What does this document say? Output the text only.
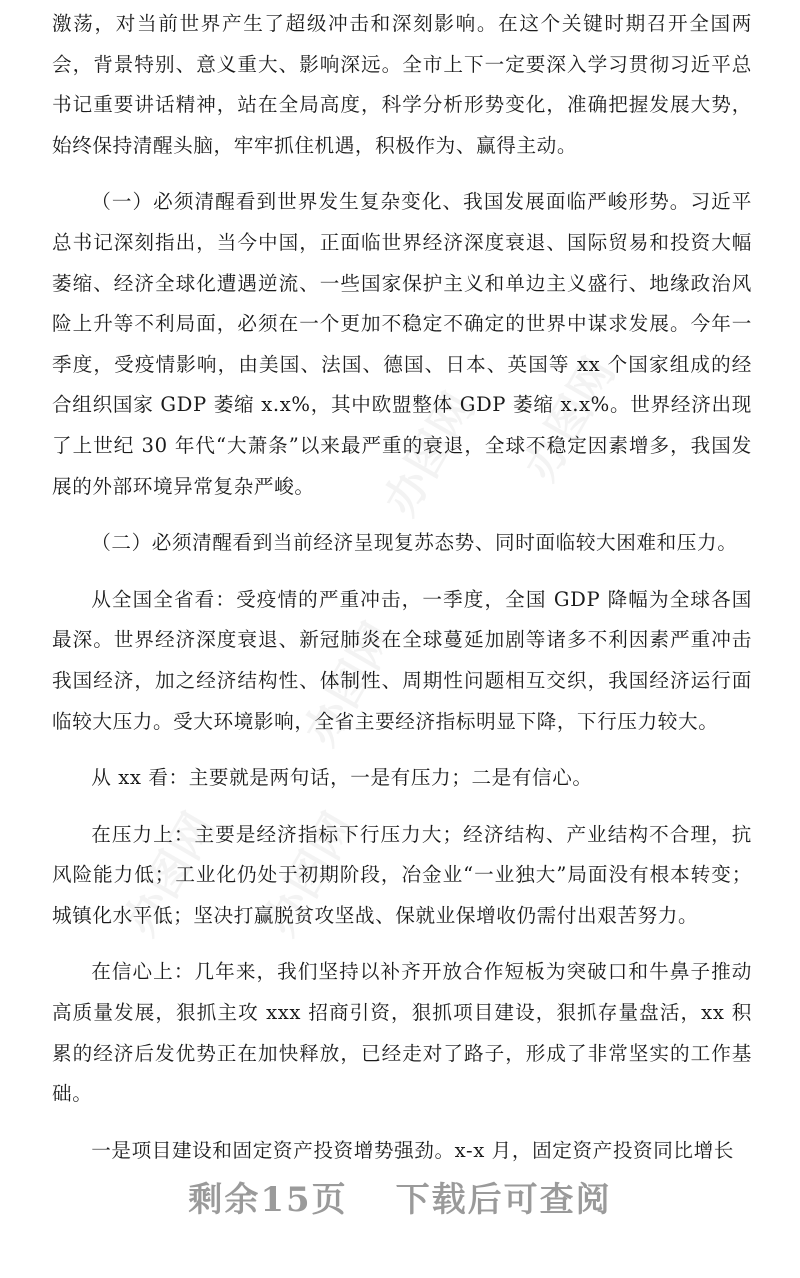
办图网 办图网
办图网
办图网 办图网

激荡，对当前世界产生了超级冲击和深刻影响。在这个关键时期召开全国两会，背景特别、意义重大、影响深远。全市上下一定要深入学习贯彻习近平总书记重要讲话精神，站在全局高度，科学分析形势变化，准确把握发展大势，始终保持清醒头脑，牢牢抓住机遇，积极作为、赢得主动。

（一）必须清醒看到世界发生复杂变化、我国发展面临严峻形势。习近平总书记深刻指出，当今中国，正面临世界经济深度衰退、国际贸易和投资大幅萎缩、经济全球化遭遇逆流、一些国家保护主义和单边主义盛行、地缘政治风险上升等不利局面，必须在一个更加不稳定不确定的世界中谋求发展。今年一季度，受疫情影响，由美国、法国、德国、日本、英国等 xx 个国家组成的经合组织国家 GDP 萎缩 x.x%，其中欧盟整体 GDP 萎缩 x.x%。世界经济出现了上世纪 30 年代“大萧条”以来最严重的衰退，全球不稳定因素增多，我国发展的外部环境异常复杂严峻。

（二）必须清醒看到当前经济呈现复苏态势、同时面临较大困难和压力。

从全国全省看：受疫情的严重冲击，一季度，全国 GDP 降幅为全球各国最深。世界经济深度衰退、新冠肺炎在全球蔓延加剧等诸多不利因素严重冲击我国经济，加之经济结构性、体制性、周期性问题相互交织，我国经济运行面临较大压力。受大环境影响，全省主要经济指标明显下降，下行压力较大。

从 xx 看：主要就是两句话，一是有压力；二是有信心。

在压力上：主要是经济指标下行压力大；经济结构、产业结构不合理，抗风险能力低；工业化仍处于初期阶段，冶金业“一业独大”局面没有根本转变；城镇化水平低；坚决打赢脱贫攻坚战、保就业保增收仍需付出艰苦努力。

在信心上：几年来，我们坚持以补齐开放合作短板为突破口和牛鼻子推动高质量发展，狠抓主攻 xxx 招商引资，狠抓项目建设，狠抓存量盘活，xx 积累的经济后发优势正在加快释放，已经走对了路子，形成了非常坚实的工作基础。

一是项目建设和固定资产投资增势强劲。x-x 月，固定资产投资同比增长

剩余15页 下载后可查阅
